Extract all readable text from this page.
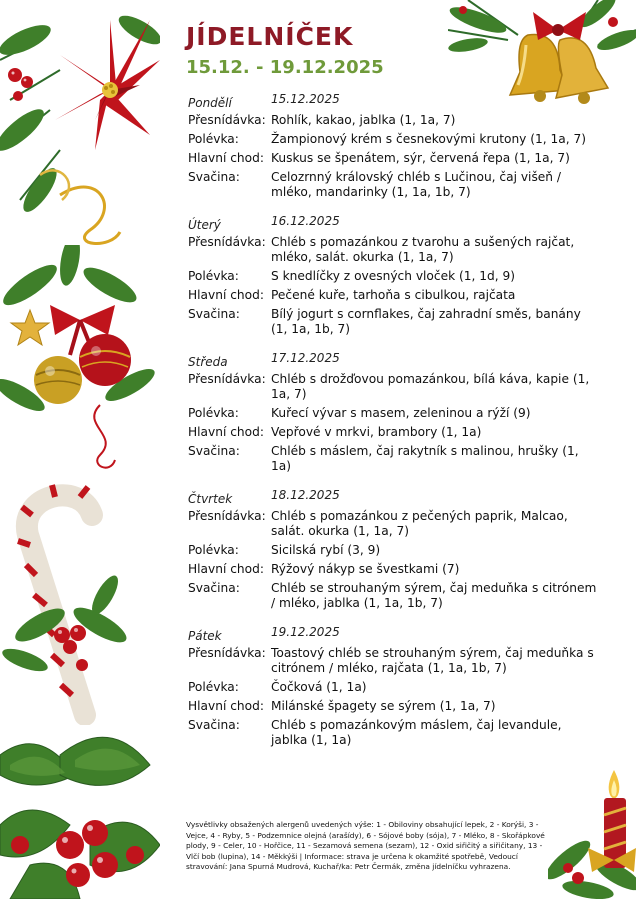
JÍDELNÍČEK
15.12. - 19.12.2025
Pondělí	15.12.2025
Přesnídávka: Rohlík, kakao, jablka (1, 1a, 7)
Polévka:	Žampionový krém s česnekovými krutony (1, 1a, 7)
Hlavní chod: Kuskus se špenátem, sýr, červená řepa (1, 1a, 7)
Svačina:	Celozrnný královský chléb s Lučinou, čaj višeň / mléko, mandarinky (1, 1a, 1b, 7)
Úterý	16.12.2025
Přesnídávka: Chléb s pomazánkou z tvarohu a sušených rajčat, mléko, salát. okurka (1, 1a, 7)
Polévka:	S knedlíčky z ovesných vloček (1, 1d, 9)
Hlavní chod: Pečené kuře, tarhoňa s cibulkou, rajčata
Svačina:	Bílý jogurt s cornflakes, čaj zahradní směs, banány (1, 1a, 1b, 7)
Středa	17.12.2025
Přesnídávka: Chléb s drožďovou pomazánkou, bílá káva, kapie (1, 1a, 7)
Polévka:	Kuřecí vývar s masem, zeleninou a rýží (9)
Hlavní chod: Vepřové v mrkvi, brambory (1, 1a)
Svačina:	Chléb s máslem, čaj rakytník s malinou, hrušky (1, 1a)
Čtvrtek	18.12.2025
Přesnídávka: Chléb s pomazánkou z pečených paprik, Malcao, salát. okurka (1, 1a, 7)
Polévka:	Sicilská rybí (3, 9)
Hlavní chod: Rýžový nákyp se švestkami (7)
Svačina:	Chléb se strouhaným sýrem, čaj meduňka s citrónem / mléko, jablka (1, 1a, 1b, 7)
Pátek	19.12.2025
Přesnídávka: Toastový chléb se strouhaným sýrem, čaj meduňka s citrónem / mléko, rajčata (1, 1a, 1b, 7)
Polévka:	Čočková (1, 1a)
Hlavní chod: Milánské špagety se sýrem (1, 1a, 7)
Svačina:	Chléb s pomazánkovým máslem, čaj levandule, jablka (1, 1a)
Vysvětlivky obsažených alergenů uvedených výše: 1 - Obiloviny obsahující lepek, 2 - Korýši, 3 - Vejce, 4 - Ryby, 5 - Podzemnice olejná (arašídy), 6 - Sójové boby (sója), 7 - Mléko, 8 - Skořápkové plody, 9 - Celer, 10 - Hořčice, 11 - Sezamová semena (sezam), 12 - Oxid siřičitý a siřičitany, 13 - Vlčí bob (lupina), 14 - Měkkýši | Informace: strava je určena k okamžité spotřebě, Vedoucí stravování: Jana Spurná Mudrová, Kuchař/ka: Petr Čermák, změna jídelníčku vyhrazena.
